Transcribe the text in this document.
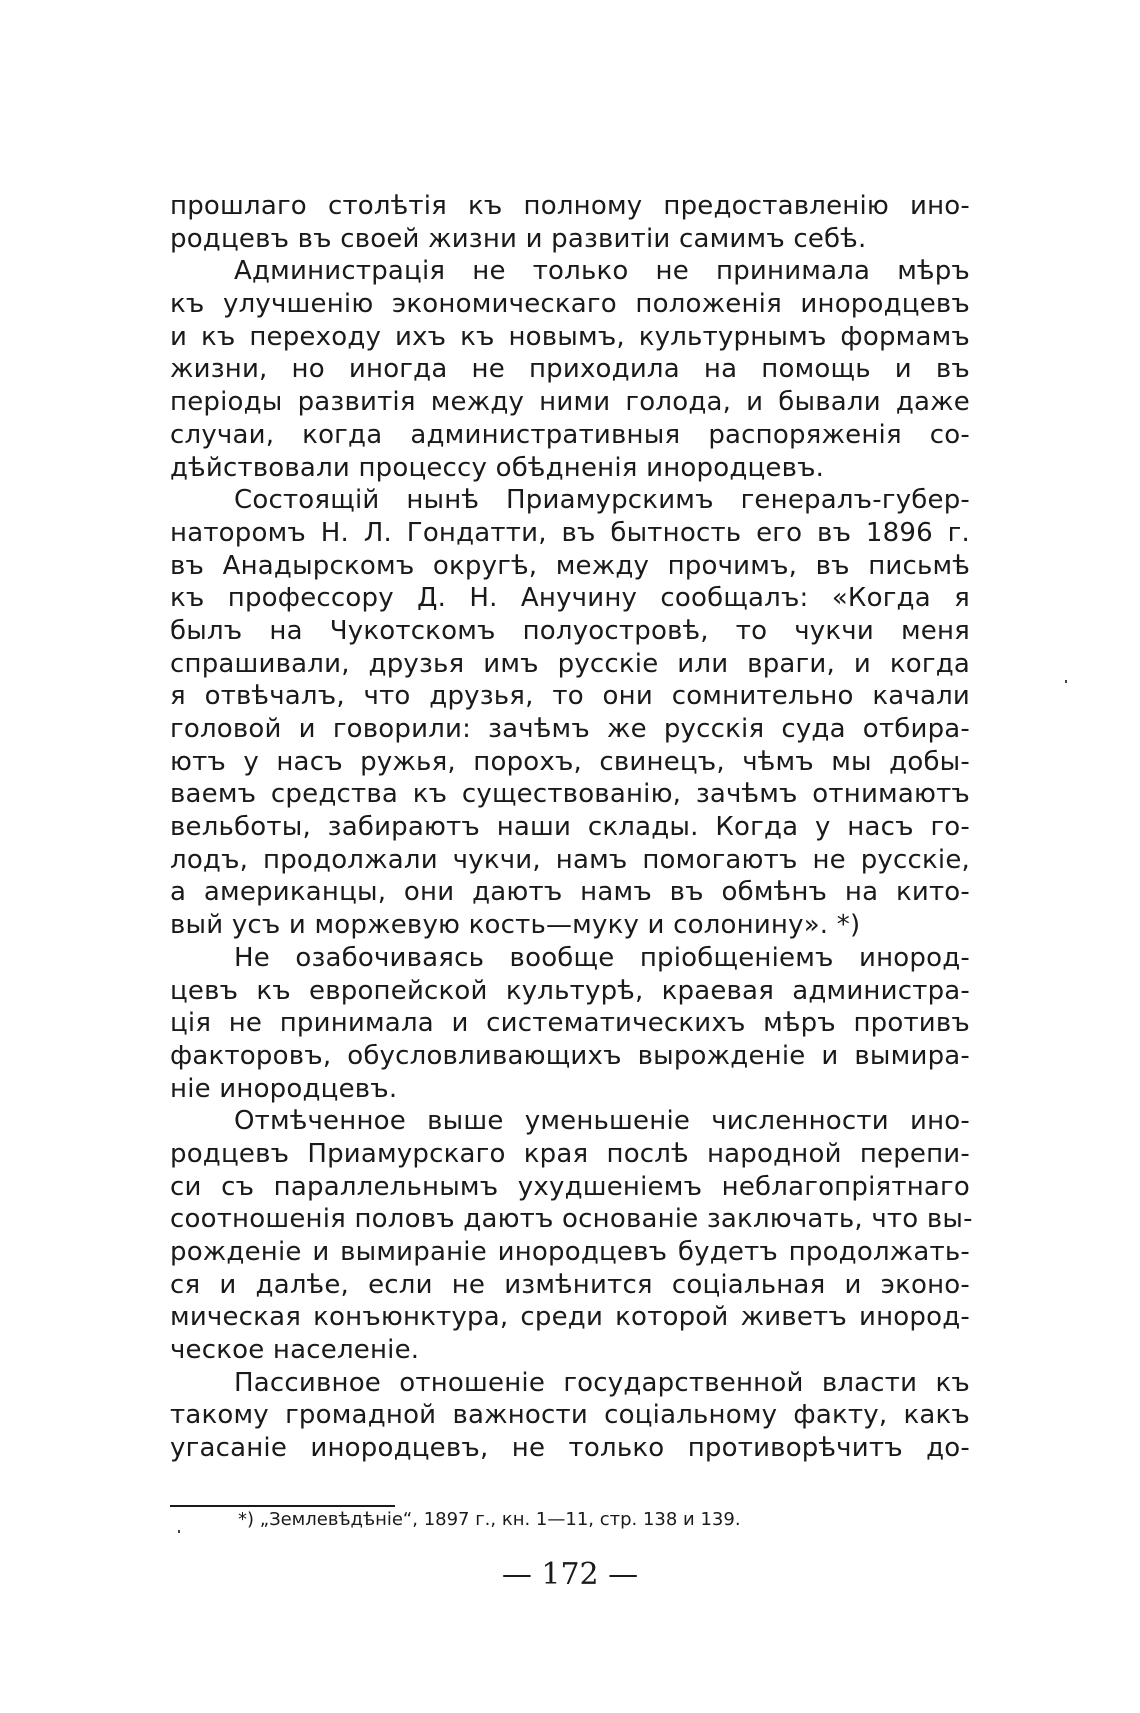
прошлаго столѣтія къ полному предоставленію ино-
родцевъ въ своей жизни и развитіи самимъ себѣ.
Администрація не только не принимала мѣръ
къ улучшенію экономическаго положенія инородцевъ
и къ переходу ихъ къ новымъ, культурнымъ формамъ
жизни, но иногда не приходила на помощь и въ
періоды развитія между ними голода, и бывали даже
случаи, когда административныя распоряженія со-
дѣйствовали процессу обѣдненія инородцевъ.
Состоящій нынѣ Приамурскимъ генералъ-губер-
наторомъ Н. Л. Гондатти, въ бытность его въ 1896 г.
въ Анадырскомъ округѣ, между прочимъ, въ письмѣ
къ профессору Д. Н. Анучину сообщалъ: «Когда я
былъ на Чукотскомъ полуостровѣ, то чукчи меня
спрашивали, друзья имъ русскіе или враги, и когда
я отвѣчалъ, что друзья, то они сомнительно качали
головой и говорили: зачѣмъ же русскія суда отбира-
ютъ у насъ ружья, порохъ, свинецъ, чѣмъ мы добы-
ваемъ средства къ существованію, зачѣмъ отнимаютъ
вельботы, забираютъ наши склады. Когда у насъ го-
лодъ, продолжали чукчи, намъ помогаютъ не русскіе,
а американцы, они даютъ намъ въ обмѣнъ на кито-
вый усъ и моржевую кость—муку и солонину». *)
Не озабочиваясь вообще пріобщеніемъ инород-
цевъ къ европейской культурѣ, краевая администра-
ція не принимала и систематическихъ мѣръ противъ
факторовъ, обусловливающихъ вырожденіе и вымира-
ніе инородцевъ.
Отмѣченное выше уменьшеніе численности ино-
родцевъ Приамурскаго края послѣ народной перепи-
си съ параллельнымъ ухудшеніемъ неблагопріятнаго
соотношенія половъ даютъ основаніе заключать, что вы-
рожденіе и вымираніе инородцевъ будетъ продолжать-
ся и далѣе, если не измѣнится соціальная и эконо-
мическая конъюнктура, среди которой живетъ инород-
ческое населеніе.
Пассивное отношеніе государственной власти къ
такому громадной важности соціальному факту, какъ
угасаніе инородцевъ, не только противорѣчитъ до-
*) „Землевѣдѣніе“, 1897 г., кн. 1—11, стр. 138 и 139.
— 172 —
